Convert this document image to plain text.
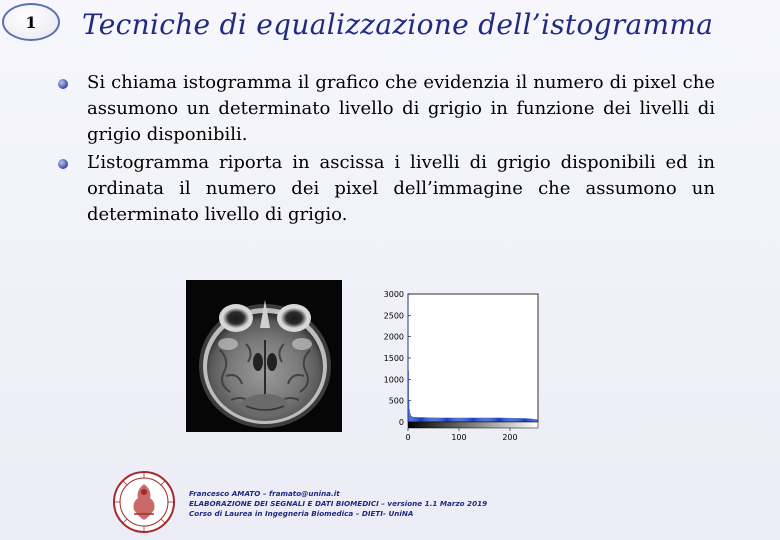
1 Tecniche di equalizzazione dell’istogramma
Si chiama istogramma il grafico che evidenzia il numero di pixel che assumono un determinato livello di grigio in funzione dei livelli di grigio disponibili.
L’istogramma riporta in ascissa i livelli di grigio disponibili ed in ordinata il numero dei pixel dell’immagine che assumono un determinato livello di grigio.
3000
2500
2000
1500
1000
500
0
0	100	200
Francesco AMATO – framato@unina.it
ELABORAZIONE DEI SEGNALI E DATI BIOMEDICI – versione 1.1 Marzo 2019
Corso di Laurea in Ingegneria Biomedica – DIETI- UniNA
